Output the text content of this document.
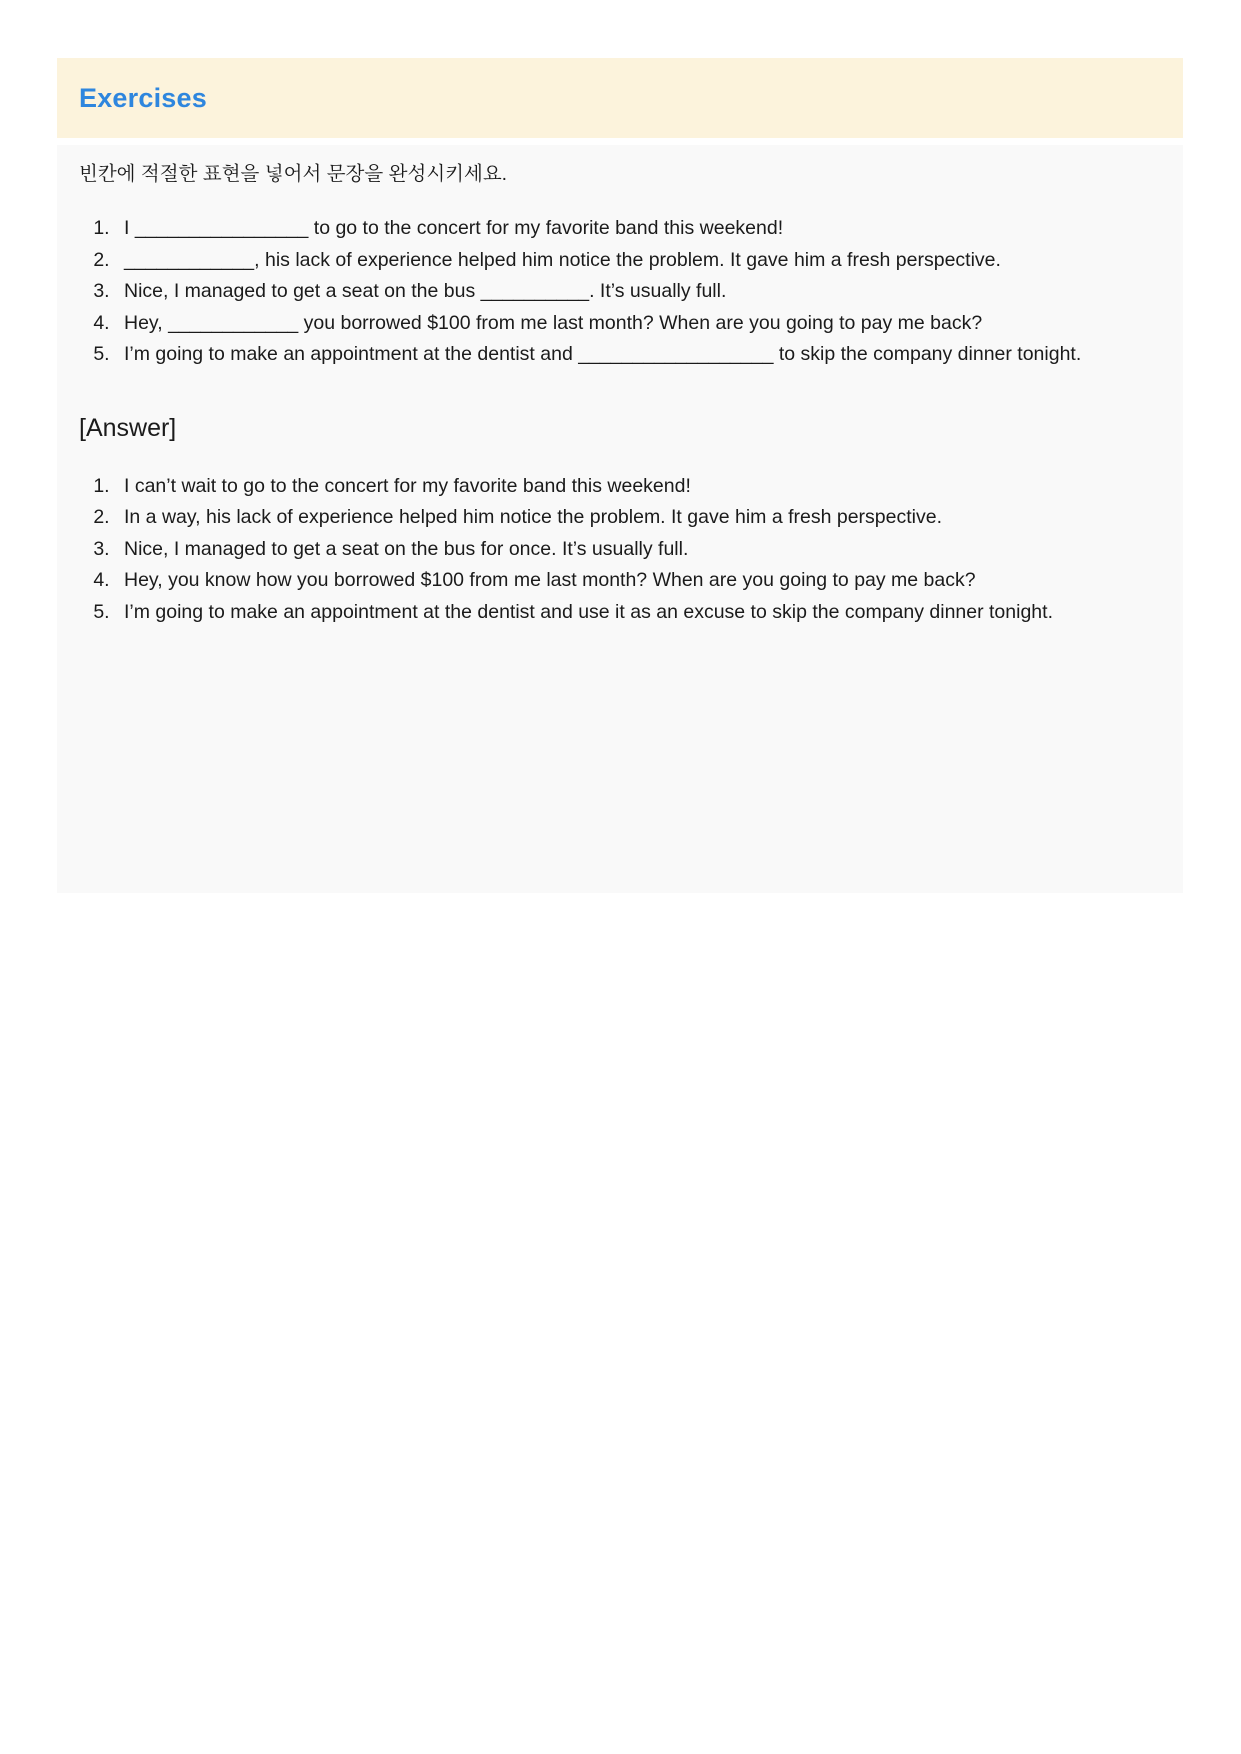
Exercises

빈칸에 적절한 표현을 넣어서 문장을 완성시키세요.

1. I ________________ to go to the concert for my favorite band this weekend!
2. ____________, his lack of experience helped him notice the problem. It gave him a fresh perspective.
3. Nice, I managed to get a seat on the bus __________. It’s usually full.
4. Hey, ____________ you borrowed $100 from me last month? When are you going to pay me back?
5. I’m going to make an appointment at the dentist and __________________ to skip the company dinner tonight.
[Answer]
1. I can’t wait to go to the concert for my favorite band this weekend!
2. In a way, his lack of experience helped him notice the problem. It gave him a fresh perspective.
3. Nice, I managed to get a seat on the bus for once. It’s usually full.
4. Hey, you know how you borrowed $100 from me last month? When are you going to pay me back?
5. I’m going to make an appointment at the dentist and use it as an excuse to skip the company dinner tonight.
